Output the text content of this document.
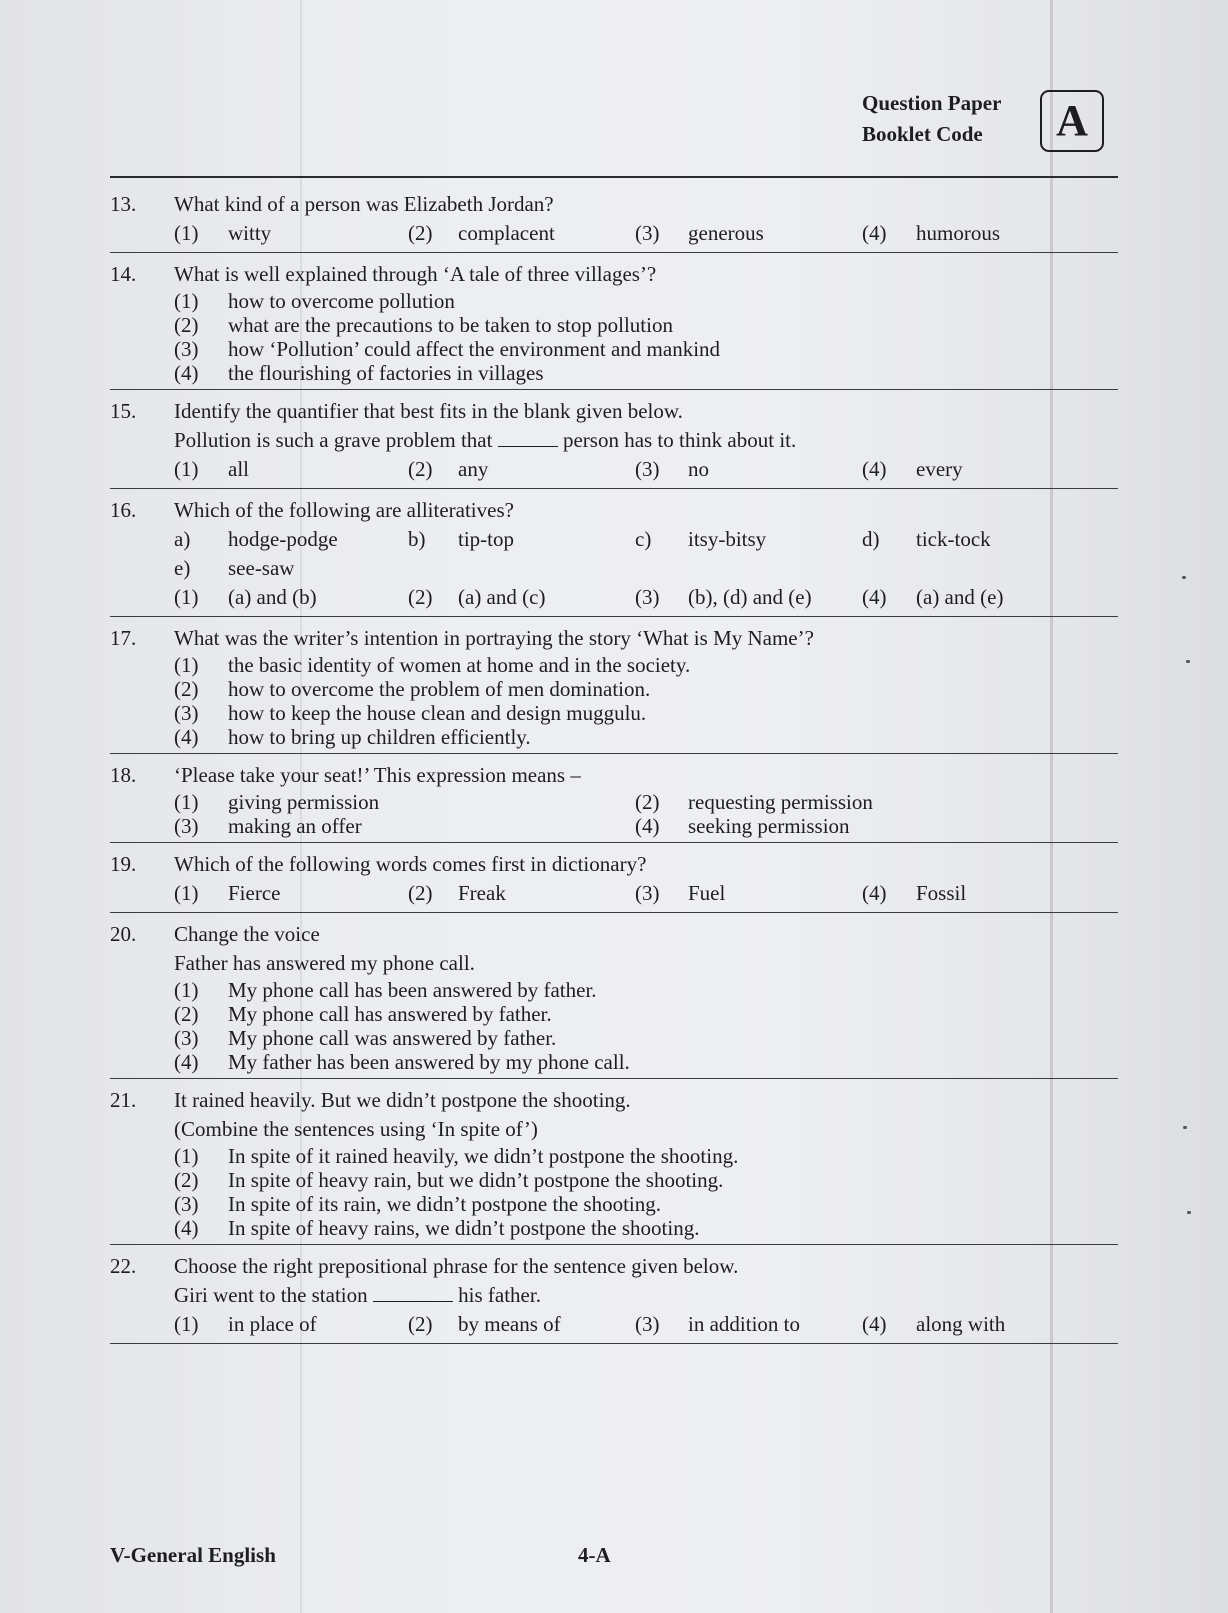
Question Paper
Booklet Code	A
13. What kind of a person was Elizabeth Jordan?
(1) witty	(2) complacent	(3) generous	(4) humorous
14. What is well explained through ‘A tale of three villages’?
(1) how to overcome pollution
(2) what are the precautions to be taken to stop pollution
(3) how ‘Pollution’ could affect the environment and mankind
(4) the flourishing of factories in villages
15. Identify the quantifier that best fits in the blank given below.
Pollution is such a grave problem that	person has to think about it.
(1) all	(2) any	(3) no	(4) every
16. Which of the following are alliteratives?
a) hodge-podge	b) tip-top	c) itsy-bitsy	d) tick-tock
e) see-saw
(1) (a) and (b)	(2) (a) and (c)	(3) (b), (d) and (e) (4) (a) and (e)
17. What was the writer’s intention in portraying the story ‘What is My Name’?
(1) the basic identity of women at home and in the society.
(2) how to overcome the problem of men domination.
(3) how to keep the house clean and design muggulu.
(4) how to bring up children efficiently.
18. ‘Please take your seat!’ This expression means –
(1) giving permission	(2) requesting permission
(3) making an offer	(4) seeking permission
19. Which of the following words comes first in dictionary?
(1) Fierce	(2) Freak	(3) Fuel	(4) Fossil
20. Change the voice
Father has answered my phone call.
(1) My phone call has been answered by father.
(2) My phone call has answered by father.
(3) My phone call was answered by father.
(4) My father has been answered by my phone call.
21. It rained heavily. But we didn’t postpone the shooting.
(Combine the sentences using ‘In spite of’)
(1) In spite of it rained heavily, we didn’t postpone the shooting.
(2) In spite of heavy rain, but we didn’t postpone the shooting.
(3) In spite of its rain, we didn’t postpone the shooting.
(4) In spite of heavy rains, we didn’t postpone the shooting.
22. Choose the right prepositional phrase for the sentence given below.
Giri went to the station	his father.
(1) in place of	(2) by means of	(3) in addition to	(4) along with
V-General English	4-A
